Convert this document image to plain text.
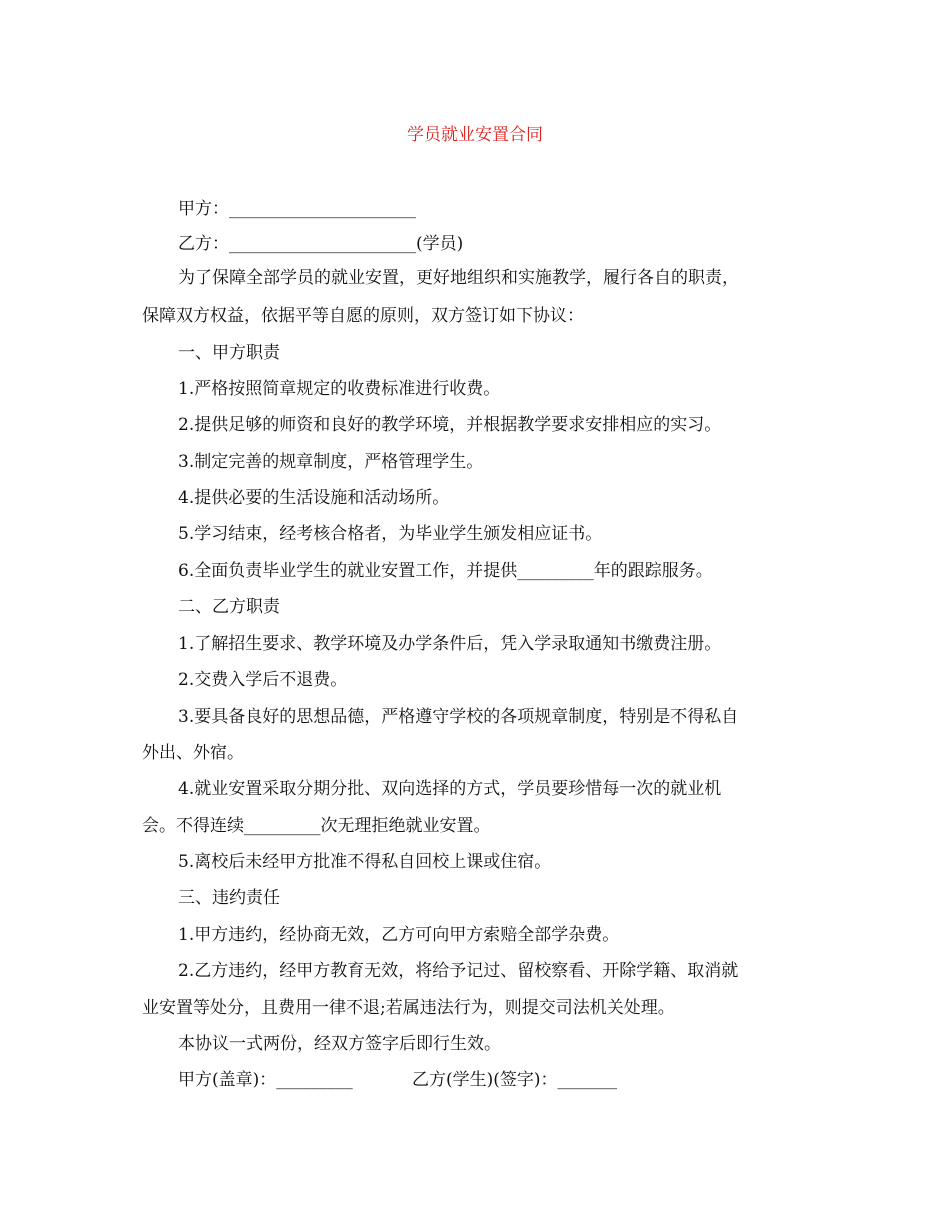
学员就业安置合同

甲方：______________________

乙方：______________________(学员)

为了保障全部学员的就业安置，更好地组织和实施教学，履行各自的职责，

保障双方权益，依据平等自愿的原则，双方签订如下协议：

一、甲方职责

1.严格按照简章规定的收费标准进行收费。

2.提供足够的师资和良好的教学环境，并根据教学要求安排相应的实习。

3.制定完善的规章制度，严格管理学生。

4.提供必要的生活设施和活动场所。

5.学习结束，经考核合格者，为毕业学生颁发相应证书。

6.全面负责毕业学生的就业安置工作，并提供_________年的跟踪服务。

二、乙方职责

1.了解招生要求、教学环境及办学条件后，凭入学录取通知书缴费注册。

2.交费入学后不退费。

3.要具备良好的思想品德，严格遵守学校的各项规章制度，特别是不得私自

外出、外宿。

4.就业安置采取分期分批、双向选择的方式，学员要珍惜每一次的就业机

会。不得连续_________次无理拒绝就业安置。

5.离校后未经甲方批准不得私自回校上课或住宿。

三、违约责任

1.甲方违约，经协商无效，乙方可向甲方索赔全部学杂费。

2.乙方违约，经甲方教育无效，将给予记过、留校察看、开除学籍、取消就

业安置等处分，且费用一律不退;若属违法行为，则提交司法机关处理。

本协议一式两份，经双方签字后即行生效。

甲方(盖章)：_________	乙方(学生)(签字)：_______
